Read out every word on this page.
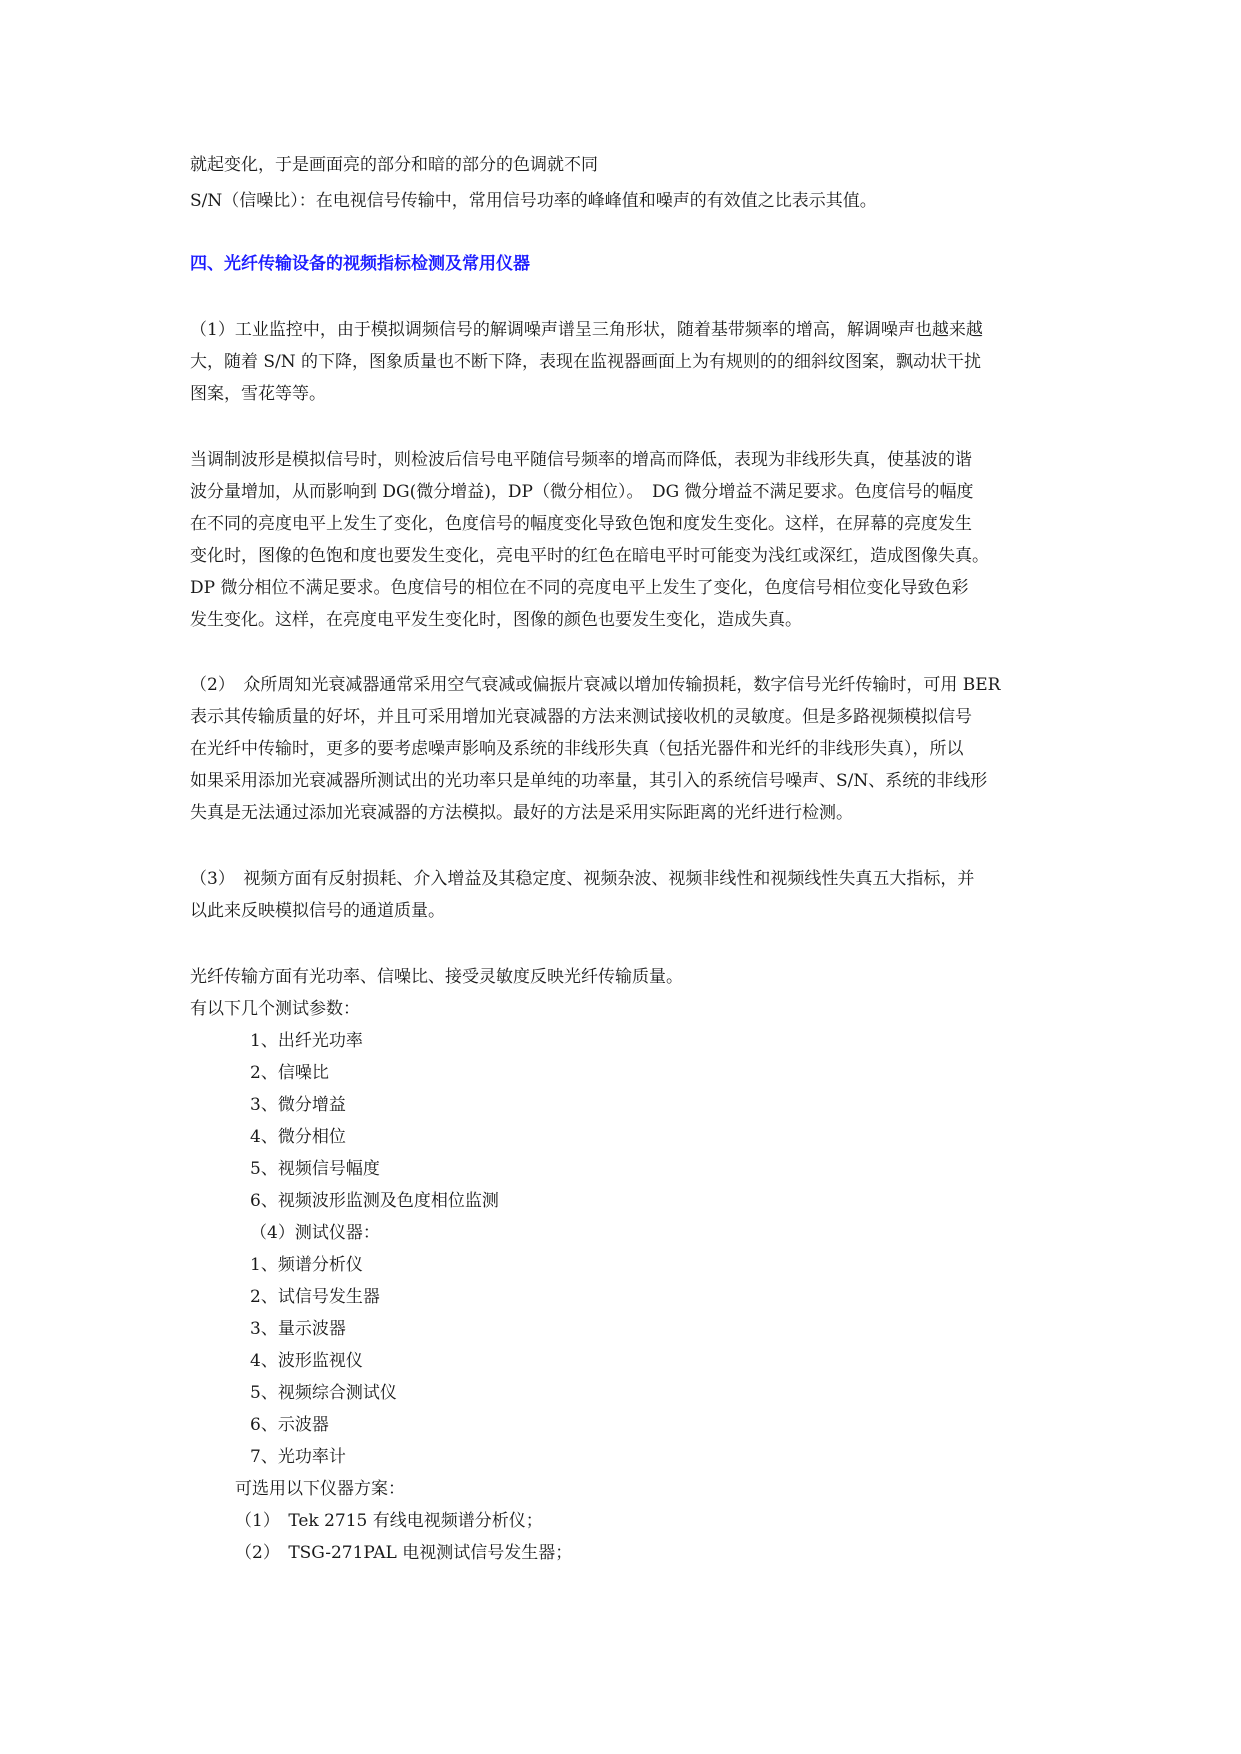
就起变化，于是画面亮的部分和暗的部分的色调就不同
S/N（信噪比）：在电视信号传输中，常用信号功率的峰峰值和噪声的有效值之比表示其值。
四、光纤传输设备的视频指标检测及常用仪器
（1）工业监控中，由于模拟调频信号的解调噪声谱呈三角形状，随着基带频率的增高，解调噪声也越来越
大，随着 S/N 的下降，图象质量也不断下降，表现在监视器画面上为有规则的的细斜纹图案，飘动状干扰
图案，雪花等等。
当调制波形是模拟信号时，则检波后信号电平随信号频率的增高而降低，表现为非线形失真，使基波的谐
波分量增加，从而影响到 DG(微分增益)，DP（微分相位）。　DG 微分增益不满足要求。色度信号的幅度
在不同的亮度电平上发生了变化，色度信号的幅度变化导致色饱和度发生变化。这样，在屏幕的亮度发生
变化时，图像的色饱和度也要发生变化，亮电平时的红色在暗电平时可能变为浅红或深红，造成图像失真。
DP 微分相位不满足要求。色度信号的相位在不同的亮度电平上发生了变化，色度信号相位变化导致色彩
发生变化。这样，在亮度电平发生变化时，图像的颜色也要发生变化，造成失真。
（2）　众所周知光衰减器通常采用空气衰减或偏振片衰减以增加传输损耗，数字信号光纤传输时，可用 BER
表示其传输质量的好坏，并且可采用增加光衰减器的方法来测试接收机的灵敏度。但是多路视频模拟信号
在光纤中传输时，更多的要考虑噪声影响及系统的非线形失真（包括光器件和光纤的非线形失真），所以
如果采用添加光衰减器所测试出的光功率只是单纯的功率量，其引入的系统信号噪声、S/N、系统的非线形
失真是无法通过添加光衰减器的方法模拟。最好的方法是采用实际距离的光纤进行检测。
（3）　视频方面有反射损耗、介入增益及其稳定度、视频杂波、视频非线性和视频线性失真五大指标，并
以此来反映模拟信号的通道质量。
光纤传输方面有光功率、信噪比、接受灵敏度反映光纤传输质量。
有以下几个测试参数：
1、出纤光功率
2、信噪比
3、微分增益
4、微分相位
5、视频信号幅度
6、视频波形监测及色度相位监测
（4）测试仪器：
1、频谱分析仪
2、试信号发生器
3、量示波器
4、波形监视仪
5、视频综合测试仪
6、示波器
7、光功率计
可选用以下仪器方案：
（1）　Tek 2715 有线电视频谱分析仪；
（2）　TSG-271PAL 电视测试信号发生器；
